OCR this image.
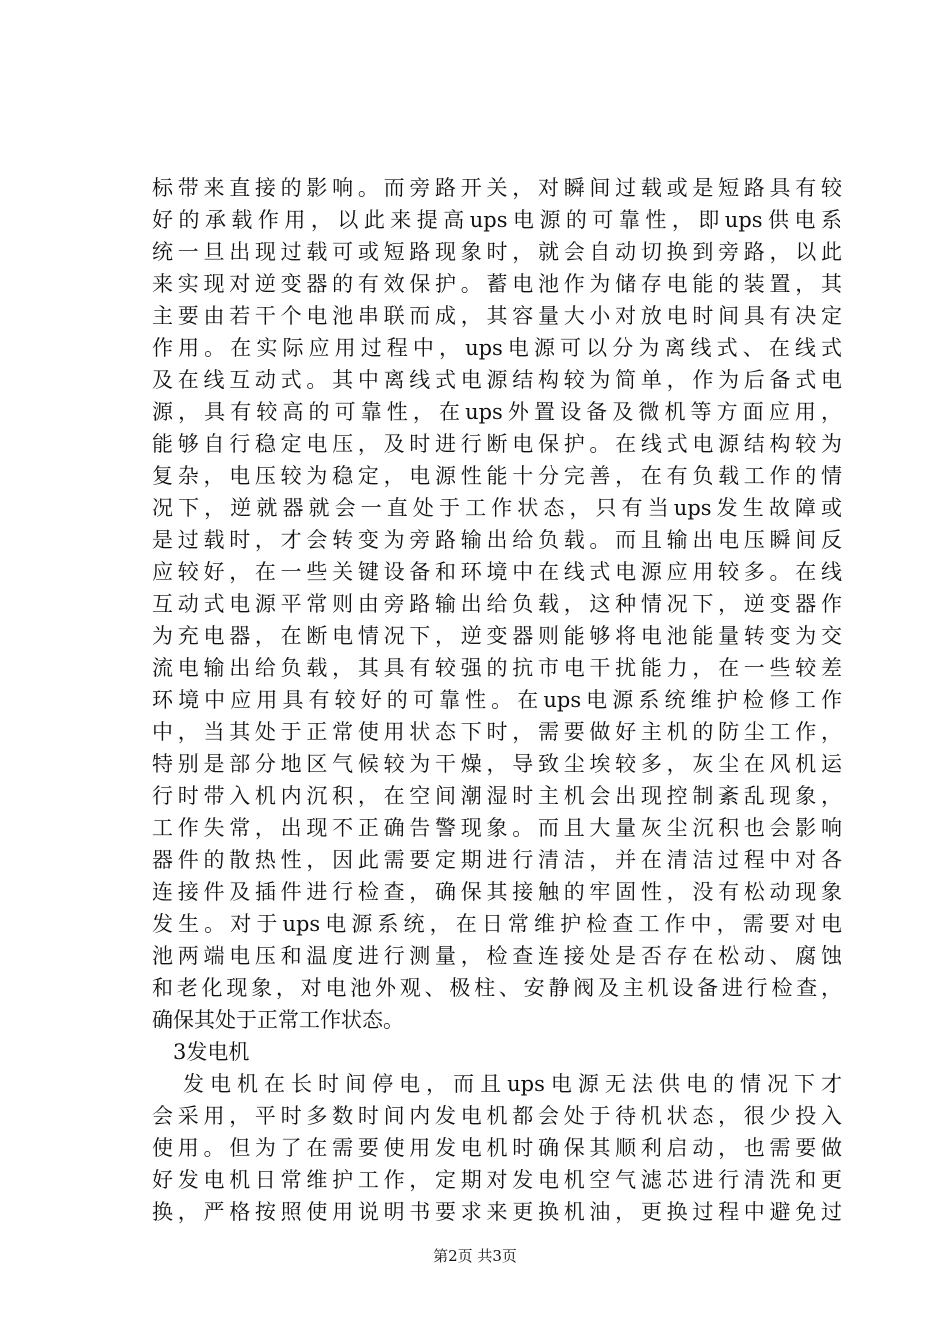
标带来直接的影响。而旁路开关，对瞬间过载或是短路具有较
好的承载作用，以此来提高ups电源的可靠性，即ups供电系
统一旦出现过载可或短路现象时，就会自动切换到旁路，以此
来实现对逆变器的有效保护。蓄电池作为储存电能的装置，其
主要由若干个电池串联而成，其容量大小对放电时间具有决定
作用。在实际应用过程中，ups电源可以分为离线式、在线式
及在线互动式。其中离线式电源结构较为简单，作为后备式电
源，具有较高的可靠性，在ups外置设备及微机等方面应用，
能够自行稳定电压，及时进行断电保护。在线式电源结构较为
复杂，电压较为稳定，电源性能十分完善，在有负载工作的情
况下，逆就器就会一直处于工作状态，只有当ups发生故障或
是过载时，才会转变为旁路输出给负载。而且输出电压瞬间反
应较好，在一些关键设备和环境中在线式电源应用较多。在线
互动式电源平常则由旁路输出给负载，这种情况下，逆变器作
为充电器，在断电情况下，逆变器则能够将电池能量转变为交
流电输出给负载，其具有较强的抗市电干扰能力，在一些较差
环境中应用具有较好的可靠性。在ups电源系统维护检修工作
中，当其处于正常使用状态下时，需要做好主机的防尘工作，
特别是部分地区气候较为干燥，导致尘埃较多，灰尘在风机运
行时带入机内沉积，在空间潮湿时主机会出现控制紊乱现象，
工作失常，出现不正确告警现象。而且大量灰尘沉积也会影响
器件的散热性，因此需要定期进行清洁，并在清洁过程中对各
连接件及插件进行检查，确保其接触的牢固性，没有松动现象
发生。对于ups电源系统，在日常维护检查工作中，需要对电
池两端电压和温度进行测量，检查连接处是否存在松动、腐蚀
和老化现象，对电池外观、极柱、安静阀及主机设备进行检查，
确保其处于正常工作状态。
3发电机
发电机在长时间停电，而且ups电源无法供电的情况下才
会采用，平时多数时间内发电机都会处于待机状态，很少投入
使用。但为了在需要使用发电机时确保其顺利启动，也需要做
好发电机日常维护工作，定期对发电机空气滤芯进行清洗和更
换，严格按照使用说明书要求来更换机油，更换过程中避免过
第2页 共3页
